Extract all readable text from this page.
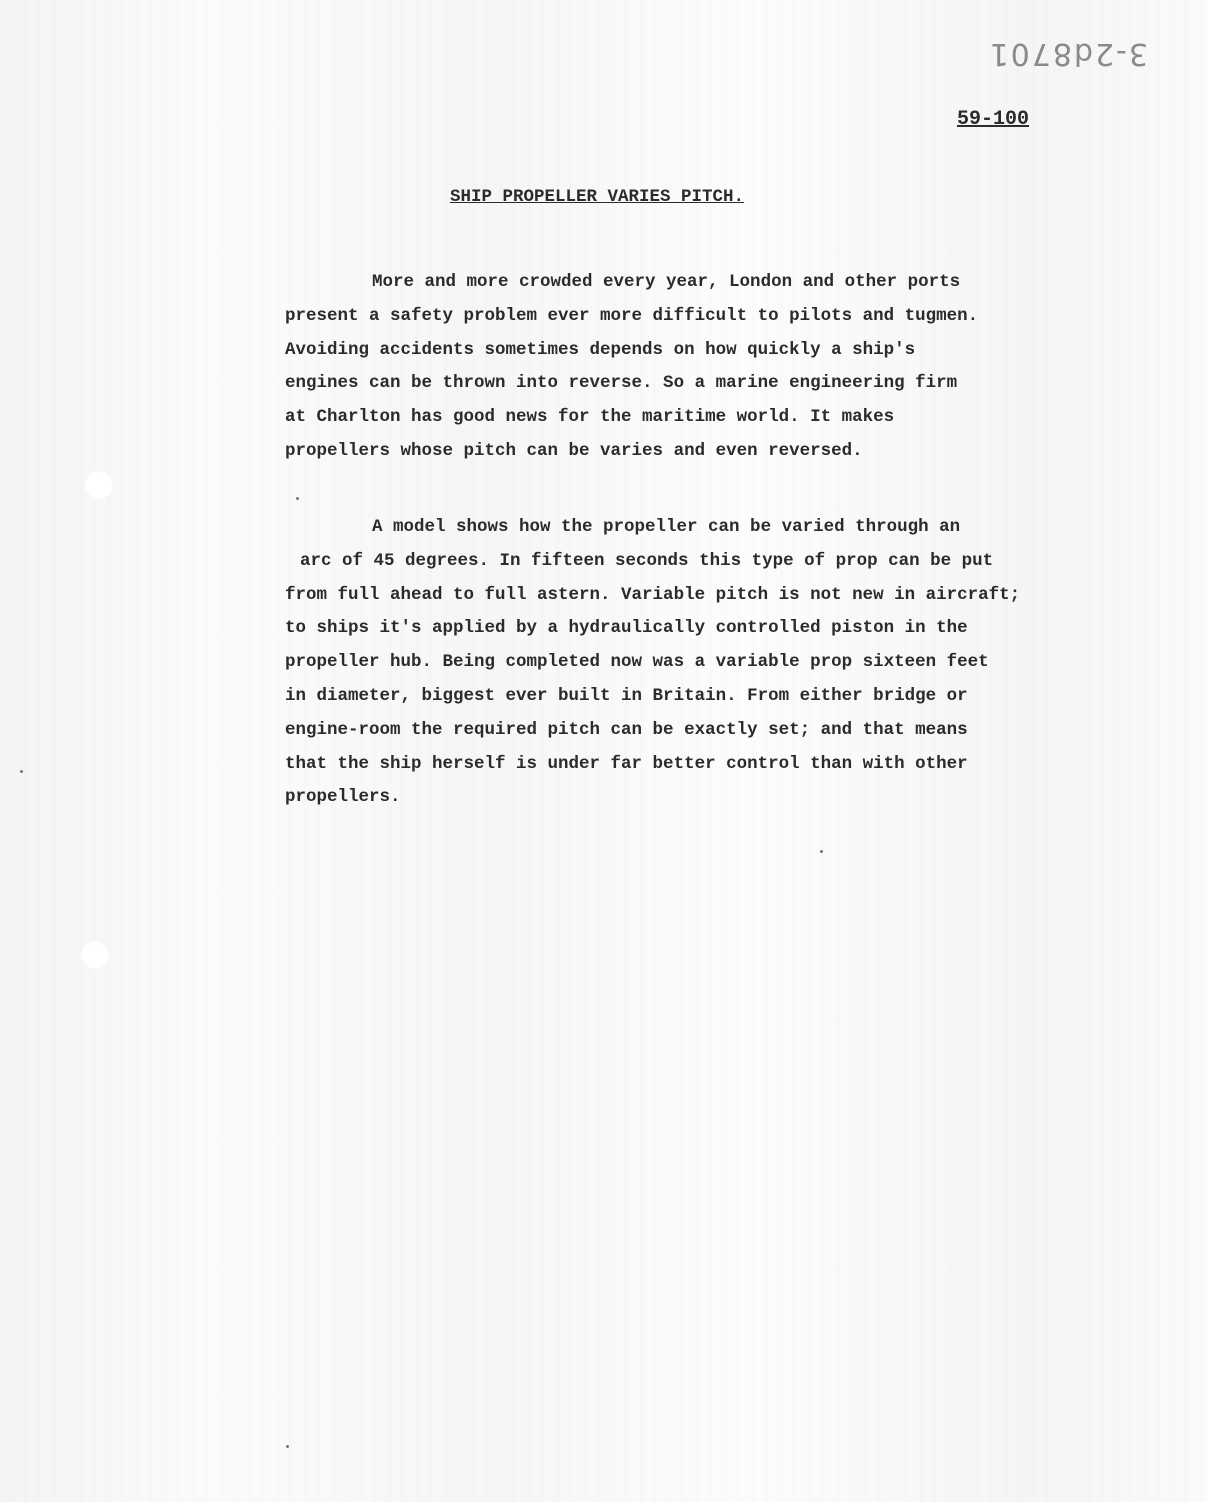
3-2d8701
59-100
SHIP PROPELLER VARIES PITCH.
More and more crowded every year, London and other ports
present a safety problem ever more difficult to pilots and tugmen.
Avoiding accidents sometimes depends on how quickly a ship's
engines can be thrown into reverse. So a marine engineering firm
at Charlton has good news for the maritime world. It makes
propellers whose pitch can be varies and even reversed.
A model shows how the propeller can be varied through an
arc of 45 degrees. In fifteen seconds this type of prop can be put
from full ahead to full astern. Variable pitch is not new in aircraft;
to ships it's applied by a hydraulically controlled piston in the
propeller hub. Being completed now was a variable prop sixteen feet
in diameter, biggest ever built in Britain. From either bridge or
engine-room the required pitch can be exactly set; and that means
that the ship herself is under far better control than with other
propellers.
